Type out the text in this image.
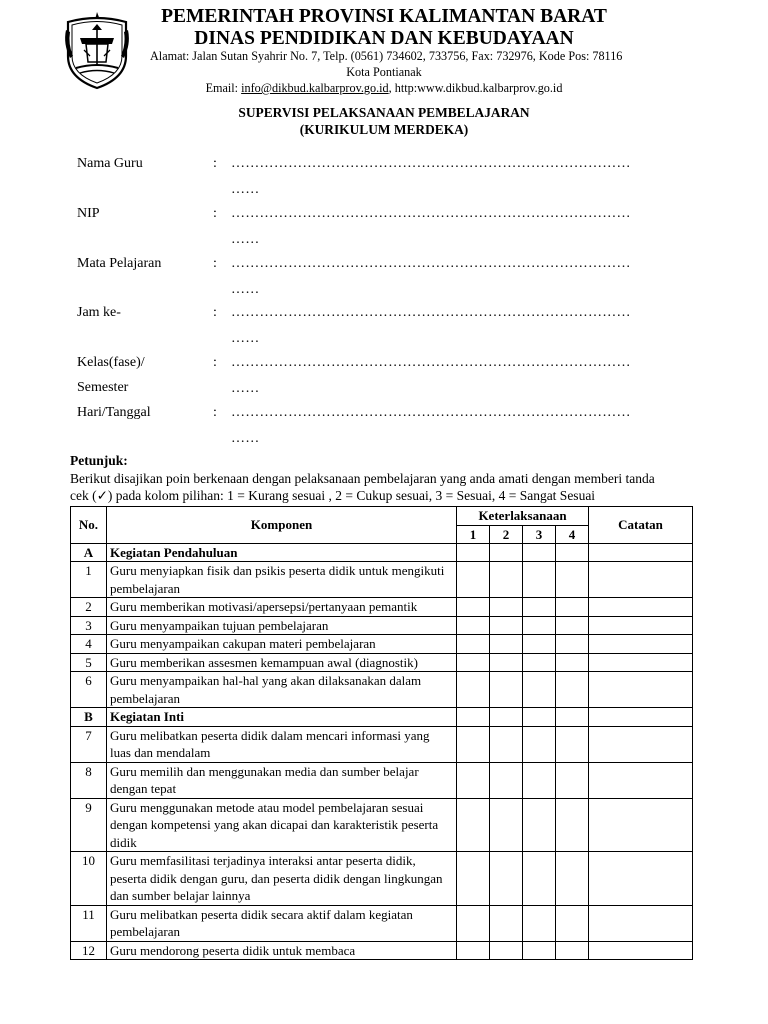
PEMERINTAH PROVINSI KALIMANTAN BARAT
DINAS PENDIDIKAN DAN KEBUDAYAAN
Alamat: Jalan Sutan Syahrir No. 7, Telp. (0561) 734602, 733756, Fax: 732976, Kode Pos: 78116
Kota Pontianak
Email: info@dikbud.kalbarprov.go.id, http:www.dikbud.kalbarprov.go.id
SUPERVISI PELAKSANAAN PEMBELAJARAN
(KURIKULUM MERDEKA)
Nama Guru	: …………………………………………………………………………
……
NIP	: …………………………………………………………………………
……
Mata Pelajaran	: …………………………………………………………………………
……
Jam ke-	: …………………………………………………………………………
……
Kelas(fase)/	: …………………………………………………………………………
Semester	……
Hari/Tanggal	: …………………………………………………………………………
……
Petunjuk:
Berikut disajikan poin berkenaan dengan pelaksanaan pembelajaran yang anda amati dengan memberi tanda
cek (✓) pada kolom pilihan: 1 = Kurang sesuai , 2 = Cukup sesuai, 3 = Sesuai, 4 = Sangat Sesuai
No.	Komponen	Keterlaksanaan				Catatan
		1	2	3	4	
A	Kegiatan Pendahuluan					
1	Guru menyiapkan fisik dan psikis peserta didik untuk mengikuti pembelajaran					
2	Guru memberikan motivasi/apersepsi/pertanyaan pemantik					
3	Guru menyampaikan tujuan pembelajaran					
4	Guru menyampaikan cakupan materi pembelajaran					
5	Guru memberikan assesmen kemampuan awal (diagnostik)					
6	Guru menyampaikan hal-hal yang akan dilaksanakan dalam pembelajaran					
B	Kegiatan Inti					
7	Guru melibatkan peserta didik dalam mencari informasi yang luas dan mendalam					
8	Guru memilih dan menggunakan media dan sumber belajar dengan tepat					
9	Guru menggunakan metode atau model pembelajaran sesuai dengan kompetensi yang akan dicapai dan karakteristik peserta didik					
10	Guru memfasilitasi terjadinya interaksi antar peserta didik, peserta didik dengan guru, dan peserta didik dengan lingkungan dan sumber belajar lainnya					
11	Guru melibatkan peserta didik secara aktif dalam kegiatan pembelajaran					
12	Guru mendorong peserta didik untuk membaca					
